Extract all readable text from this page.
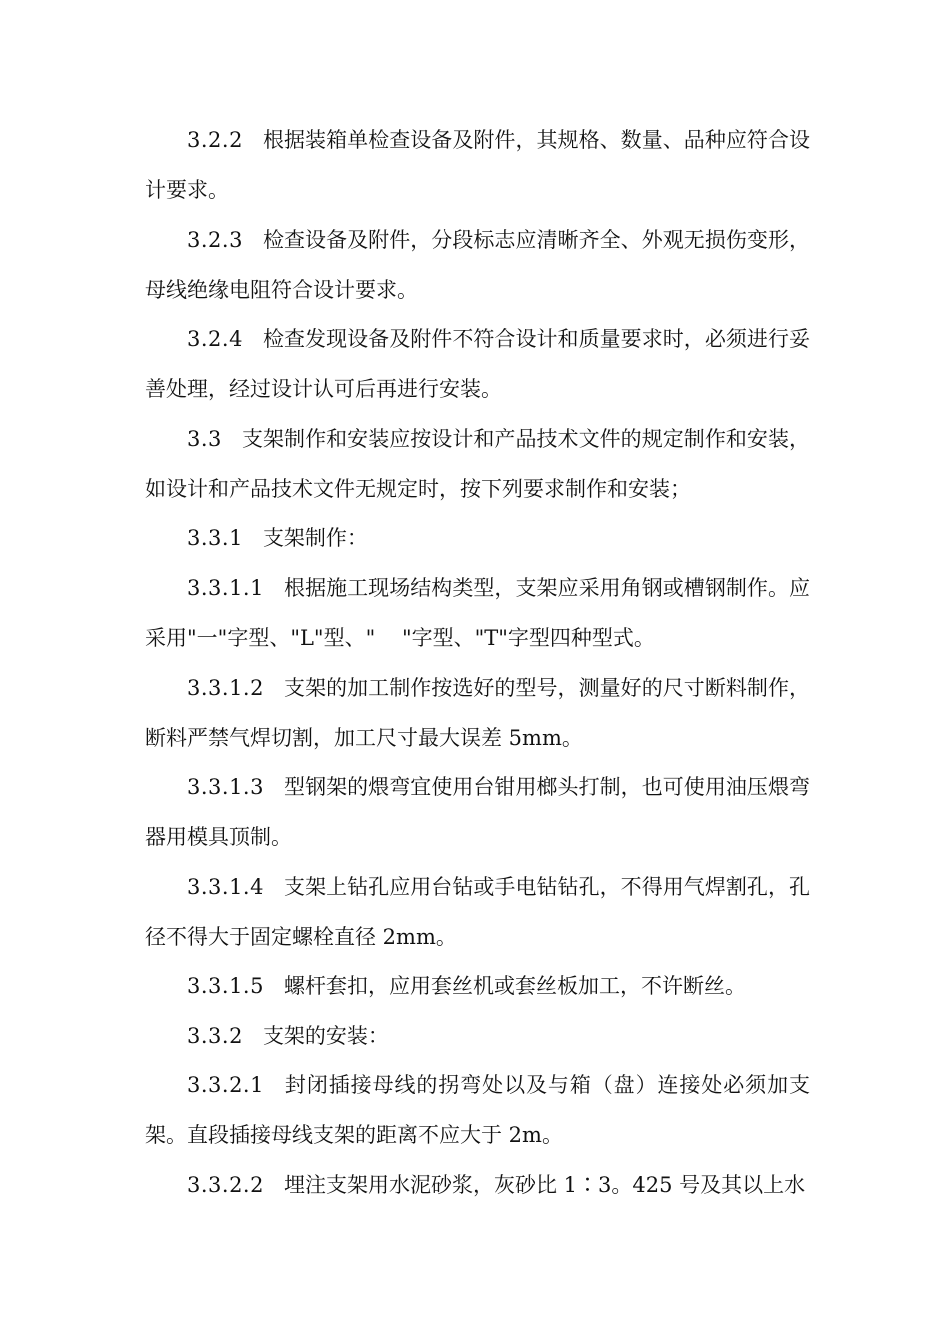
3.2.2 根据装箱单检查设备及附件，其规格、数量、品种应符合设计要求。

3.2.3 检查设备及附件，分段标志应清晰齐全、外观无损伤变形，母线绝缘电阻符合设计要求。

3.2.4 检查发现设备及附件不符合设计和质量要求时，必须进行妥善处理，经过设计认可后再进行安装。

3.3 支架制作和安装应按设计和产品技术文件的规定制作和安装，如设计和产品技术文件无规定时，按下列要求制作和安装；

3.3.1 支架制作：

3.3.1.1 根据施工现场结构类型，支架应采用角钢或槽钢制作。应采用"一"字型、"L"型、"    "字型、"T"字型四种型式。

3.3.1.2 支架的加工制作按选好的型号，测量好的尺寸断料制作，断料严禁气焊切割，加工尺寸最大误差 5mm。

3.3.1.3 型钢架的煨弯宜使用台钳用榔头打制，也可使用油压煨弯器用模具顶制。

3.3.1.4 支架上钻孔应用台钻或手电钻钻孔，不得用气焊割孔，孔径不得大于固定螺栓直径 2mm。

3.3.1.5 螺杆套扣，应用套丝机或套丝板加工，不许断丝。

3.3.2 支架的安装：

3.3.2.1 封闭插接母线的拐弯处以及与箱（盘）连接处必须加支架。直段插接母线支架的距离不应大于 2m。

3.3.2.2 埋注支架用水泥砂浆，灰砂比 1∶3。425 号及其以上水
